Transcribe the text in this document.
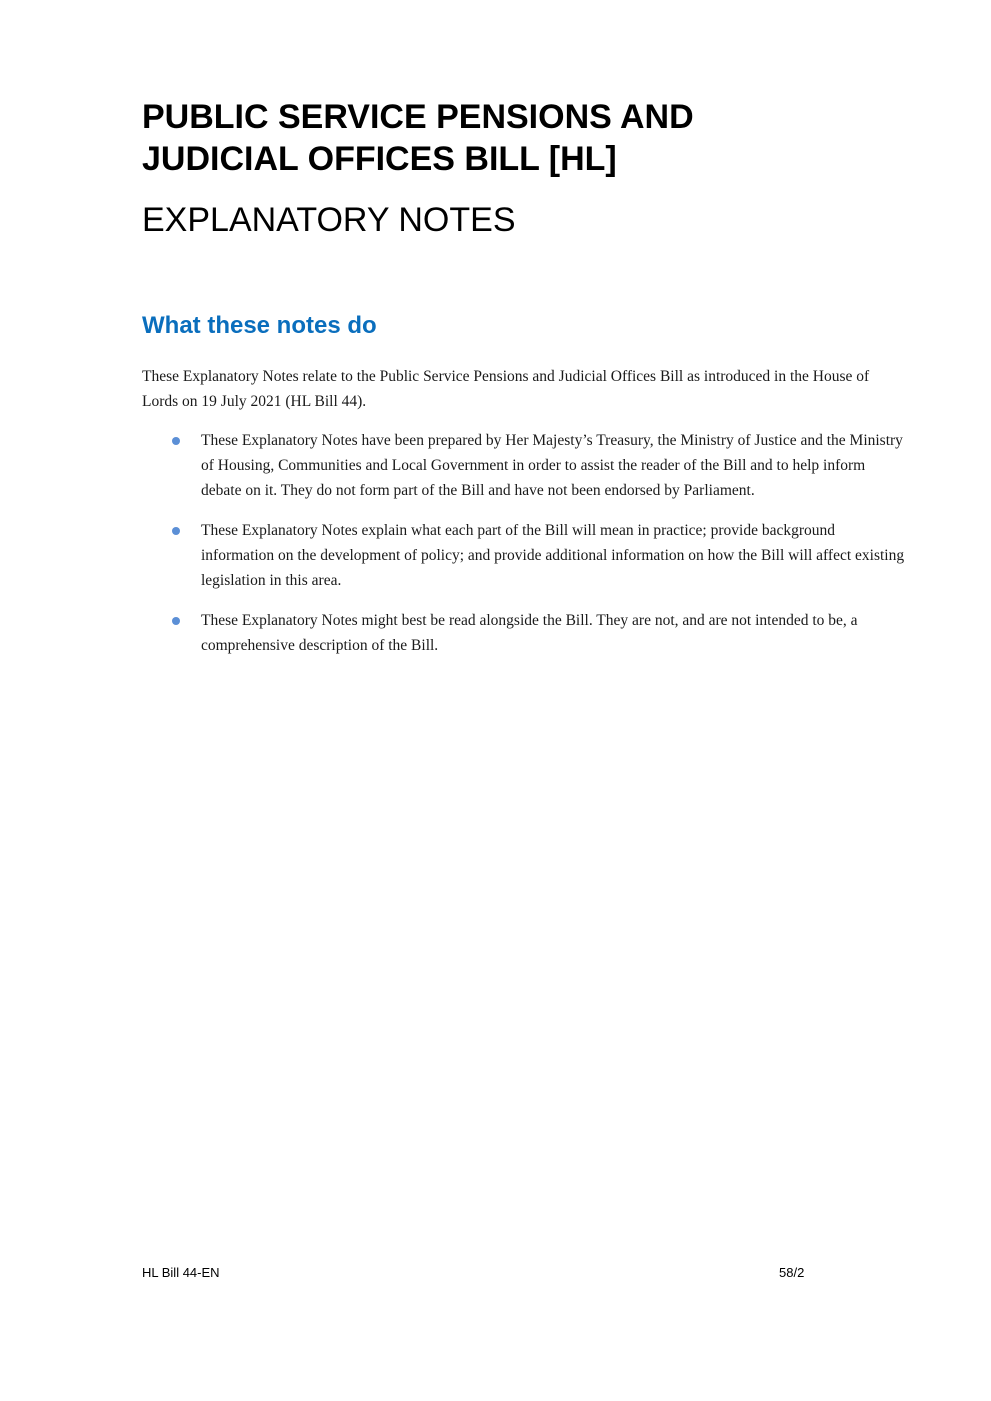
PUBLIC SERVICE PENSIONS AND
JUDICIAL OFFICES BILL [HL]
EXPLANATORY NOTES
What these notes do

These Explanatory Notes relate to the Public Service Pensions and Judicial Offices Bill as introduced in the House of Lords on 19 July 2021 (HL Bill 44).

These Explanatory Notes have been prepared by Her Majesty’s Treasury, the Ministry of Justice and the Ministry of Housing, Communities and Local Government in order to assist the reader of the Bill and to help inform debate on it. They do not form part of the Bill and have not been endorsed by Parliament.
These Explanatory Notes explain what each part of the Bill will mean in practice; provide background information on the development of policy; and provide additional information on how the Bill will affect existing legislation in this area.
These Explanatory Notes might best be read alongside the Bill. They are not, and are not intended to be, a comprehensive description of the Bill.
HL Bill 44-EN	58/2
